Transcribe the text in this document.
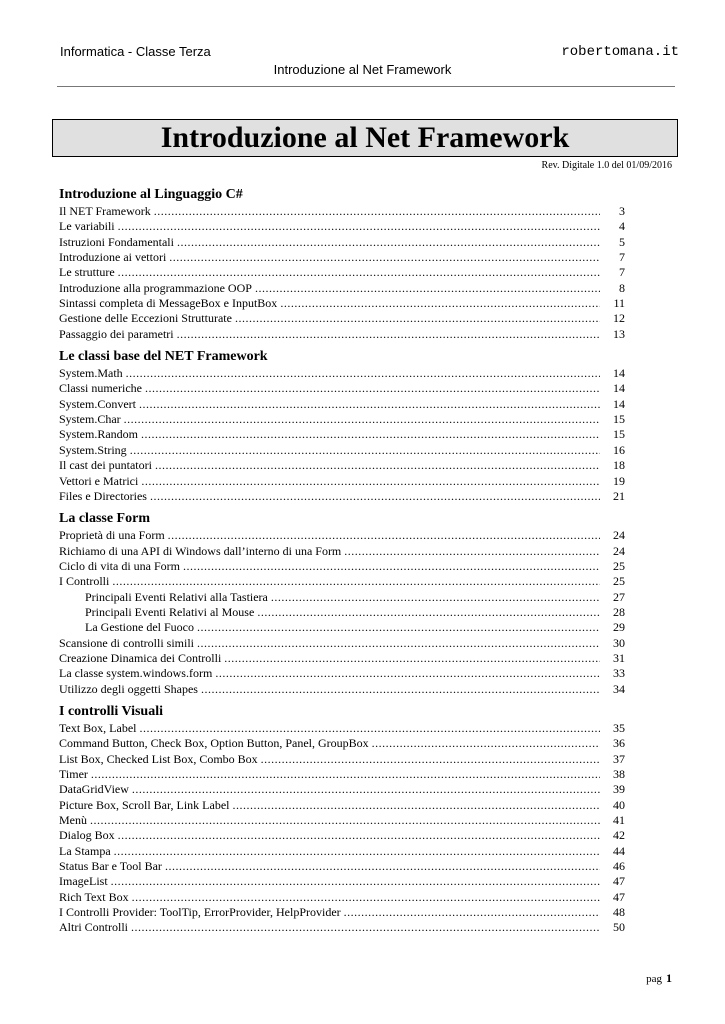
Informatica - Classe Terza	robertomana.it
Introduzione al Net Framework
Introduzione al Net Framework
Rev. Digitale 1.0 del 01/09/2016
Introduzione al Linguaggio C#
Il NET Framework .....	3
Le variabili .....	4
Istruzioni Fondamentali .....	5
Introduzione ai vettori .....	7
Le strutture .....	7
Introduzione alla programmazione OOP .....	8
Sintassi completa di MessageBox e InputBox .....	11
Gestione delle Eccezioni Strutturate .....	12
Passaggio dei parametri .....	13
Le classi base del NET Framework
System.Math .....	14
Classi numeriche .....	14
System.Convert .....	14
System.Char .....	15
System.Random .....	15
System.String .....	16
Il cast dei puntatori .....	18
Vettori e Matrici .....	19
Files e Directories .....	21
La classe Form
Proprietà di una Form .....	24
Richiamo di una API di Windows dall’interno di una Form .....	24
Ciclo di vita di una Form .....	25
I Controlli .....	25
Principali Eventi Relativi alla Tastiera .....	27
Principali Eventi Relativi al Mouse .....	28
La Gestione del Fuoco .....	29
Scansione di controlli simili .....	30
Creazione Dinamica dei Controlli .....	31
La classe system.windows.form .....	33
Utilizzo degli oggetti Shapes .....	34
I controlli Visuali
Text Box, Label .....	35
Command Button, Check Box, Option Button, Panel, GroupBox .....	36
List Box, Checked List Box, Combo Box .....	37
Timer .....	38
DataGridView .....	39
Picture Box, Scroll Bar, Link Label .....	40
Menù .....	41
Dialog Box .....	42
La Stampa .....	44
Status Bar e Tool Bar .....	46
ImageList .....	47
Rich Text Box .....	47
I Controlli Provider: ToolTip, ErrorProvider, HelpProvider .....	48
Altri Controlli .....	50
pag 1
